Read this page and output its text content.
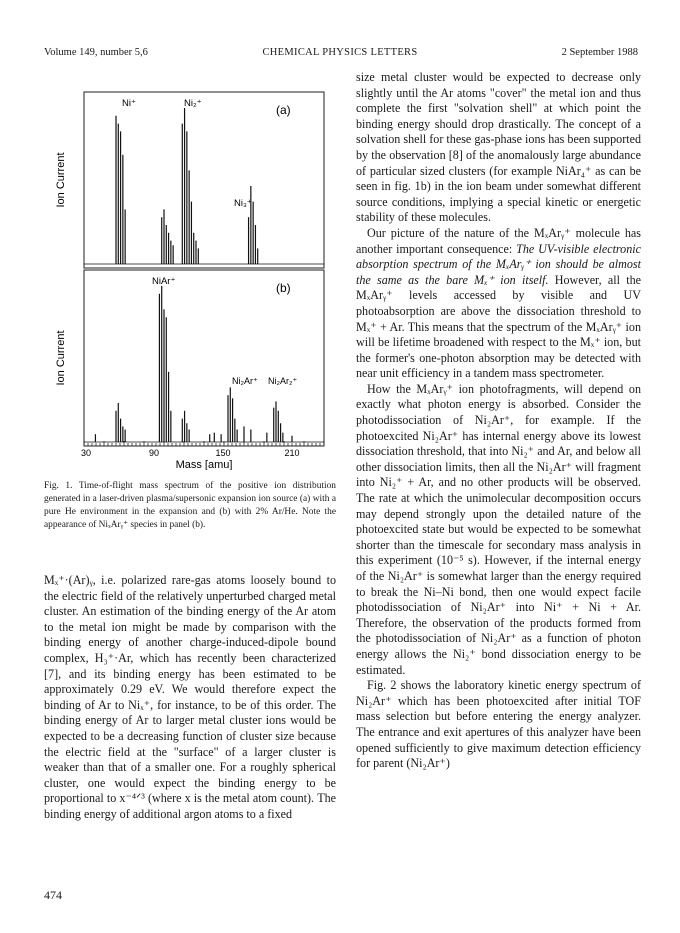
Volume 149, number 5,6	CHEMICAL PHYSICS LETTERS	2 September 1988
Ion Current
Ion Current
(a)
(b)
Ni⁺	Ni₂⁺
Ni₃⁺
NiAr⁺
Ni₂Ar⁺ Ni₂Ar₂⁺
30	90	150	210
Mass [amu]
Fig. 1. Time-of-flight mass spectrum of the positive ion distribution generated in a laser-driven plasma/supersonic expansion ion source (a) with a pure He environment in the expansion and (b) with 2% Ar/He. Note the appearance of NiₓArᵧ⁺ species in panel (b).

Mₓ⁺·(Ar)ᵧ, i.e. polarized rare-gas atoms loosely bound to the electric field of the relatively unperturbed charged metal cluster. An estimation of the binding energy of the Ar atom to the metal ion might be made by comparison with the binding energy of another charge-induced-dipole bound complex, H₃⁺·Ar, which has recently been characterized [7], and its binding energy has been estimated to be approximately 0.29 eV. We would therefore expect the binding of Ar to Niₓ⁺, for instance, to be of this order. The binding energy of Ar to larger metal cluster ions would be expected to be a decreasing function of cluster size because the electric field at the "surface" of a larger cluster is weaker than that of a smaller one. For a roughly spherical cluster, one would expect the binding energy to be proportional to x⁻⁴ᐟ³ (where x is the metal atom count). The binding energy of additional argon atoms to a fixed

size metal cluster would be expected to decrease only slightly until the Ar atoms "cover" the metal ion and thus complete the first "solvation shell" at which point the binding energy should drop drastically. The concept of a solvation shell for these gas-phase ions has been supported by the observation [8] of the anomalously large abundance of particular sized clusters (for example NiAr₄⁺ as can be seen in fig. 1b) in the ion beam under somewhat different source conditions, implying a special kinetic or energetic stability of these molecules.

Our picture of the nature of the MₓArᵧ⁺ molecule has another important consequence: The UV-visible electronic absorption spectrum of the MₓArᵧ⁺ ion should be almost the same as the bare Mₓ⁺ ion itself. However, all the MₓArᵧ⁺ levels accessed by visible and UV photoabsorption are above the dissociation threshold to Mₓ⁺ + Ar. This means that the spectrum of the MₓArᵧ⁺ ion will be lifetime broadened with respect to the Mₓ⁺ ion, but the former's one-photon absorption may be detected with near unit efficiency in a tandem mass spectrometer.

How the MₓArᵧ⁺ ion photofragments, will depend on exactly what photon energy is absorbed. Consider the photodissociation of Ni₂Ar⁺, for example. If the photoexcited Ni₂Ar⁺ has internal energy above its lowest dissociation threshold, that into Ni₂⁺ and Ar, and below all other dissociation limits, then all the Ni₂Ar⁺ will fragment into Ni₂⁺ + Ar, and no other products will be observed. The rate at which the unimolecular decomposition occurs may depend strongly upon the detailed nature of the photoexcited state but would be expected to be somewhat shorter than the timescale for secondary mass analysis in this experiment (10⁻⁵ s). However, if the internal energy of the Ni₂Ar⁺ is somewhat larger than the energy required to break the Ni–Ni bond, then one would expect facile photodissociation of Ni₂Ar⁺ into Ni⁺ + Ni + Ar. Therefore, the observation of the products formed from the photodissociation of Ni₂Ar⁺ as a function of photon energy allows the Ni₂⁺ bond dissociation energy to be estimated.

Fig. 2 shows the laboratory kinetic energy spectrum of Ni₂Ar⁺ which has been photoexcited after initial TOF mass selection but before entering the energy analyzer. The entrance and exit apertures of this analyzer have been opened sufficiently to give maximum detection efficiency for parent (Ni₂Ar⁺)

474
